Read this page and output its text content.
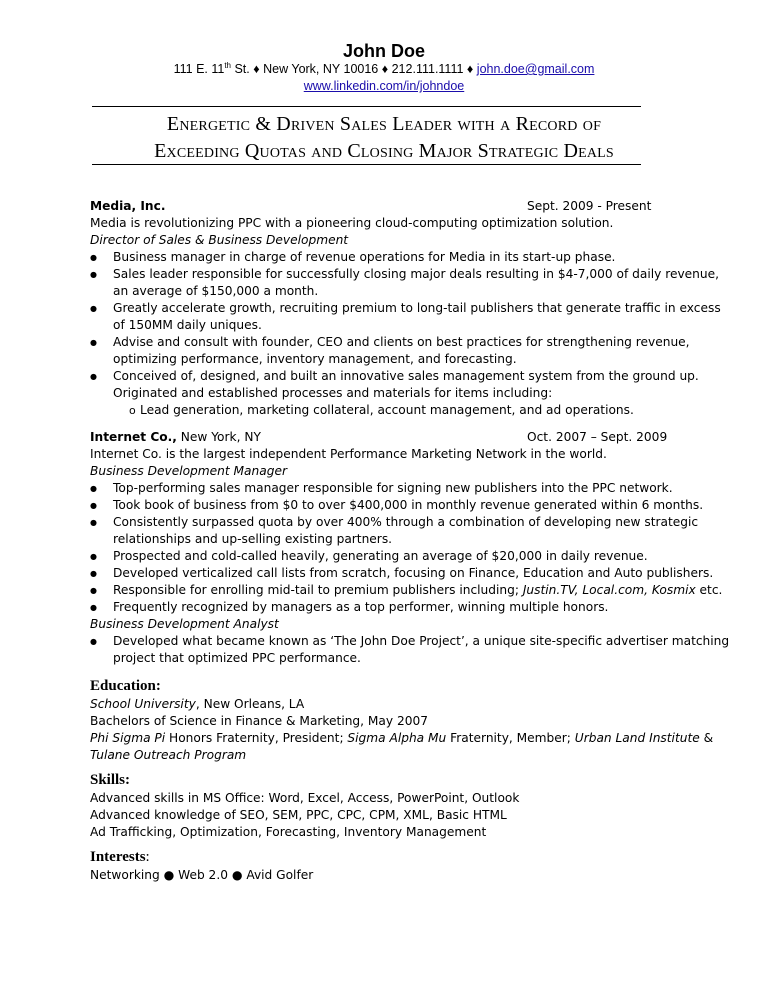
John Doe
111 E. 11th St. ♦ New York, NY 10016 ♦ 212.111.1111 ♦ john.doe@gmail.com
www.linkedin.com/in/johndoe
Energetic & Driven Sales Leader with a Record of
Exceeding Quotas and Closing Major Strategic Deals
Media, Inc.	Sept. 2009 - Present
Media is revolutionizing PPC with a pioneering cloud-computing optimization solution.
Director of Sales & Business Development
● Business manager in charge of revenue operations for Media in its start-up phase.
● Sales leader responsible for successfully closing major deals resulting in $4-7,000 of daily revenue,
an average of $150,000 a month.
● Greatly accelerate growth, recruiting premium to long-tail publishers that generate traffic in excess
of 150MM daily uniques.
● Advise and consult with founder, CEO and clients on best practices for strengthening revenue,
optimizing performance, inventory management, and forecasting.
● Conceived of, designed, and built an innovative sales management system from the ground up.
Originated and established processes and materials for items including:
o Lead generation, marketing collateral, account management, and ad operations.
Internet Co., New York, NY	Oct. 2007 – Sept. 2009
Internet Co. is the largest independent Performance Marketing Network in the world.
Business Development Manager
● Top-performing sales manager responsible for signing new publishers into the PPC network.
● Took book of business from $0 to over $400,000 in monthly revenue generated within 6 months.
● Consistently surpassed quota by over 400% through a combination of developing new strategic
relationships and up-selling existing partners.
● Prospected and cold-called heavily, generating an average of $20,000 in daily revenue.
● Developed verticalized call lists from scratch, focusing on Finance, Education and Auto publishers.
● Responsible for enrolling mid-tail to premium publishers including; Justin.TV, Local.com, Kosmix etc.
● Frequently recognized by managers as a top performer, winning multiple honors.
Business Development Analyst
● Developed what became known as ‘The John Doe Project’, a unique site-specific advertiser matching
project that optimized PPC performance.
Education:
School University, New Orleans, LA
Bachelors of Science in Finance & Marketing, May 2007
Phi Sigma Pi Honors Fraternity, President; Sigma Alpha Mu Fraternity, Member; Urban Land Institute &
Tulane Outreach Program
Skills:
Advanced skills in MS Office: Word, Excel, Access, PowerPoint, Outlook
Advanced knowledge of SEO, SEM, PPC, CPC, CPM, XML, Basic HTML
Ad Trafficking, Optimization, Forecasting, Inventory Management
Interests:
Networking ● Web 2.0 ● Avid Golfer
